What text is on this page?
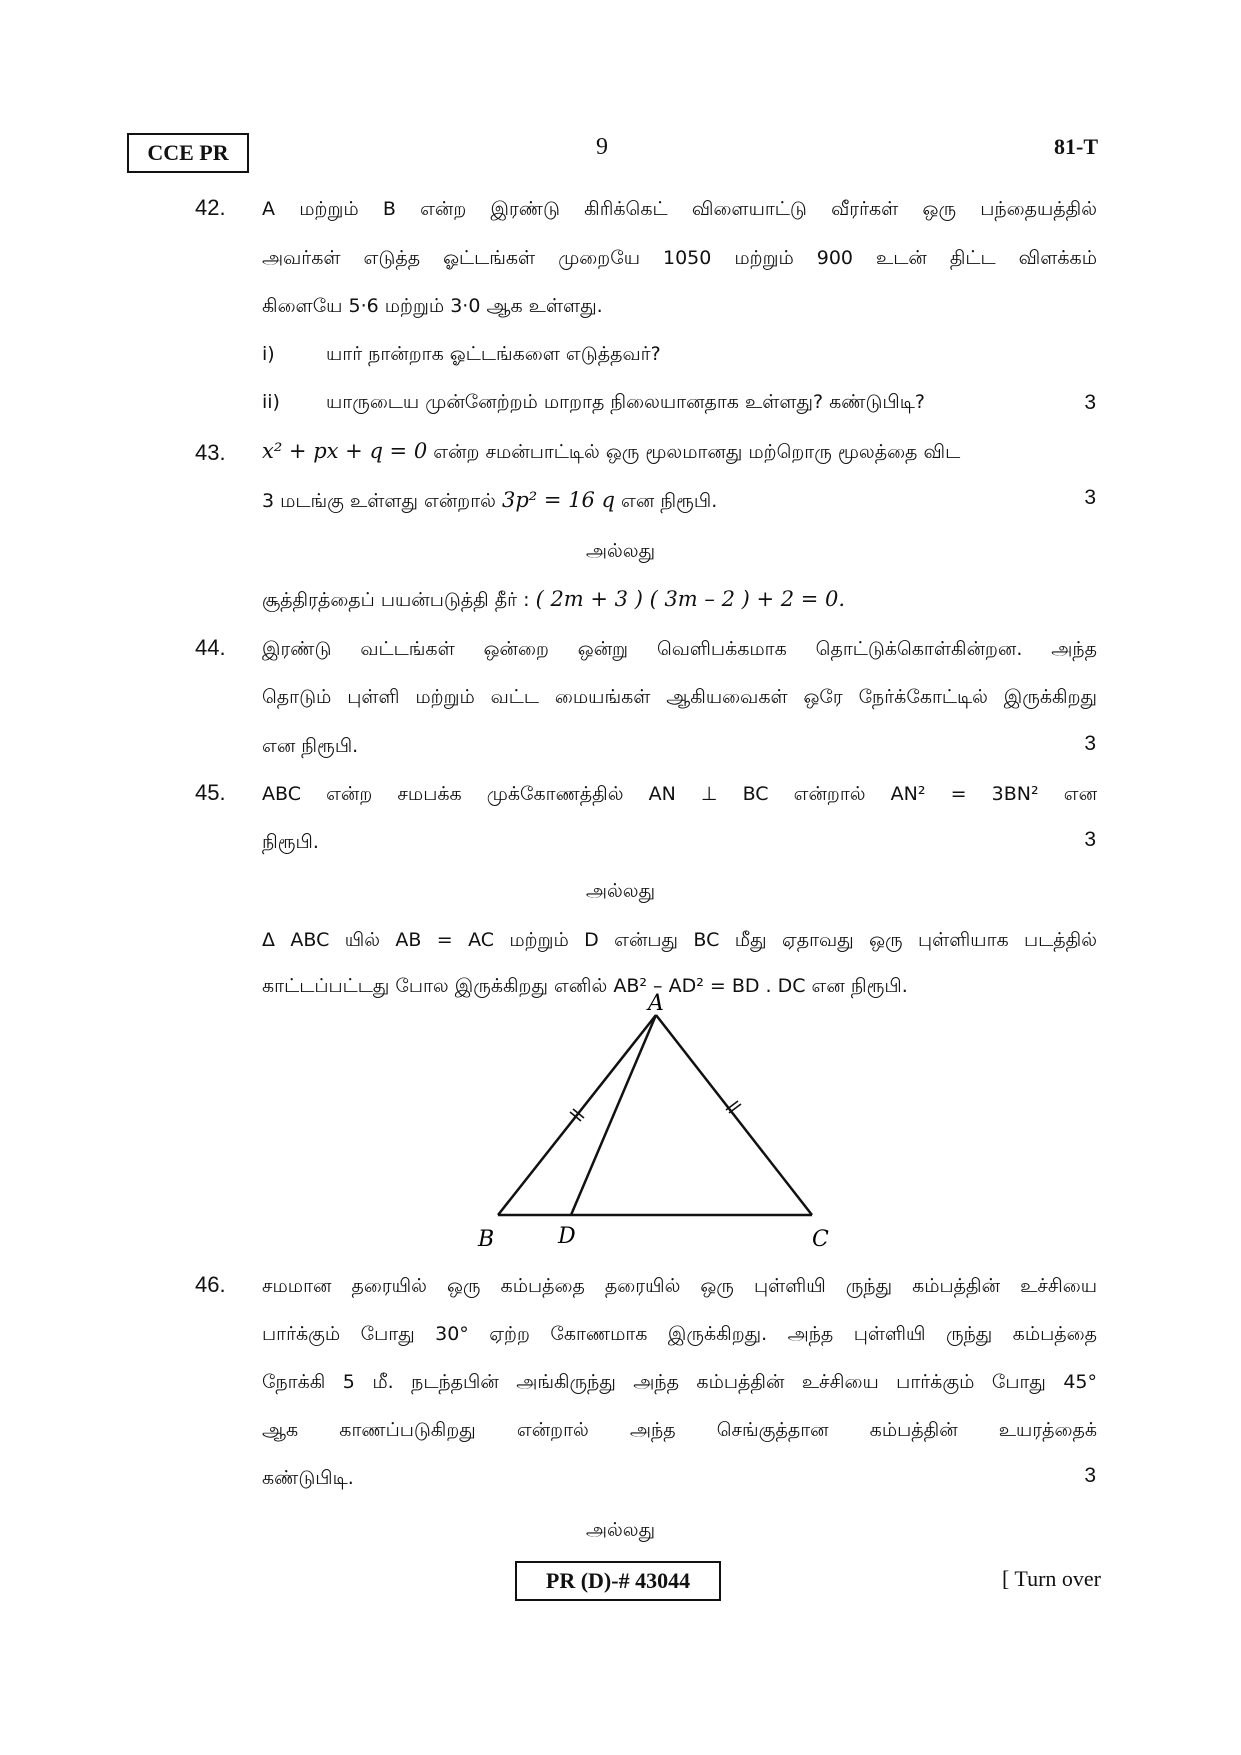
CCE PR	9	81-T
42.	A மற்றும் B என்ற இரண்டு கிரிக்கெட் விளையாட்டு வீரர்கள் ஒரு பந்தையத்தில்
அவர்கள் எடுத்த ஓட்டங்கள் முறையே 1050 மற்றும் 900 உடன் திட்ட விளக்கம்
கிளையே 5·6 மற்றும் 3·0 ஆக உள்ளது.
i)	யார் நான்றாக ஓட்டங்களை எடுத்தவர்?
ii) யாருடைய முன்னேற்றம் மாறாத நிலையானதாக உள்ளது? கண்டுபிடி?	3
43.	x² + px + q = 0 என்ற சமன்பாட்டில் ஒரு மூலமானது மற்றொரு மூலத்தை விட
3 மடங்கு உள்ளது என்றால் 3p² = 16 q என நிரூபி.	3
அல்லது
சூத்திரத்தைப் பயன்படுத்தி தீர் : ( 2m + 3 ) ( 3m – 2 ) + 2 = 0.
44.	இரண்டு வட்டங்கள் ஒன்றை ஒன்று வெளிபக்கமாக தொட்டுக்கொள்கின்றன. அந்த
தொடும் புள்ளி மற்றும் வட்ட மையங்கள் ஆகியவைகள் ஒரே நேர்க்கோட்டில் இருக்கிறது
என நிரூபி.	3
45.	ABC என்ற சமபக்க முக்கோணத்தில் AN ⊥ BC என்றால் AN² = 3BN² என
நிரூபி.	3
அல்லது
Δ ABC யில் AB = AC மற்றும் D என்பது BC மீது ஏதாவது ஒரு புள்ளியாக படத்தில்
காட்டப்பட்டது போல இருக்கிறது எனில் AB² – AD² = BD . DC என நிரூபி.
A
B	D	C
46.	சமமான தரையில் ஒரு கம்பத்தை தரையில் ஒரு புள்ளியி ருந்து கம்பத்தின் உச்சியை
பார்க்கும் போது 30° ஏற்ற கோணமாக இருக்கிறது. அந்த புள்ளியி ருந்து கம்பத்தை
நோக்கி 5 மீ. நடந்தபின் அங்கிருந்து அந்த கம்பத்தின் உச்சியை பார்க்கும் போது 45°
ஆக காணப்படுகிறது என்றால் அந்த செங்குத்தான கம்பத்தின் உயரத்தைக்
கண்டுபிடி.	3
அல்லது
PR (D)-# 43044	[ Turn over
